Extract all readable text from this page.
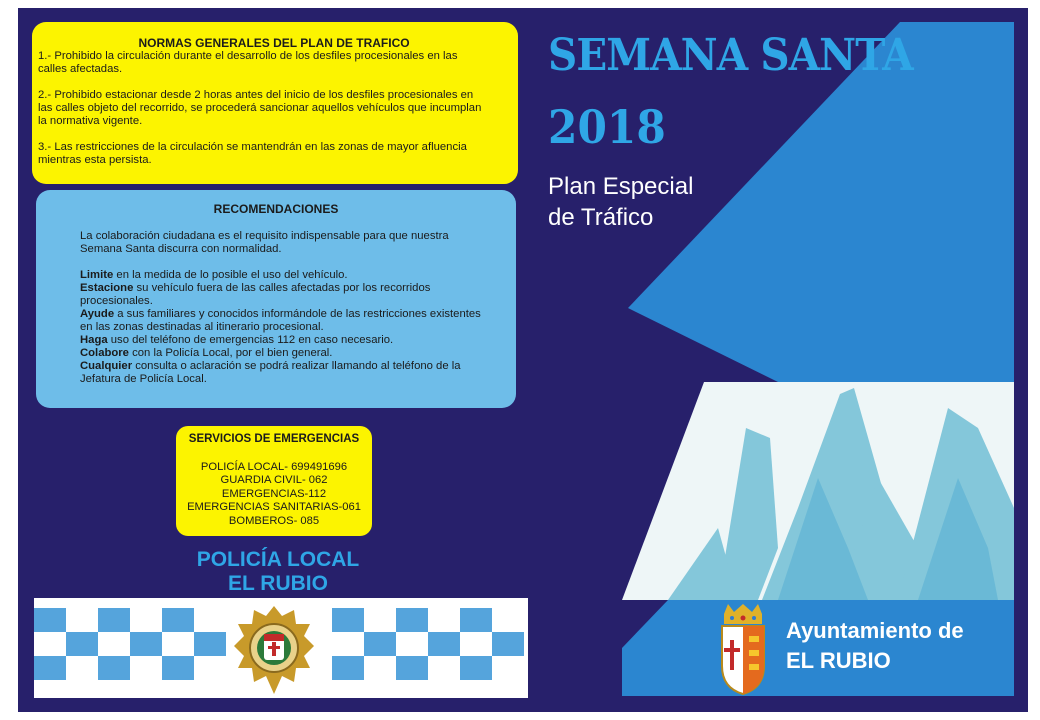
NORMAS GENERALES DEL PLAN DE TRAFICO

1.- Prohibido la circulación durante el desarrollo de los desfiles procesionales en las
calles afectadas.

2.- Prohibido estacionar desde 2 horas antes del inicio de los desfiles procesionales en
las calles objeto del recorrido, se procederá sancionar aquellos vehículos que incumplan
la normativa vigente.

3.- Las restricciones de la circulación se mantendrán en las zonas de mayor afluencia
mientras esta persista.

RECOMENDACIONES

La colaboración ciudadana es el requisito indispensable para que nuestra
Semana Santa discurra con normalidad.

Limite en la medida de lo posible el uso del vehículo.

Estacione su vehículo fuera de las calles afectadas por los recorridos
procesionales.

Ayude a sus familiares y conocidos informándole de las restricciones existentes
en las zonas destinadas al itinerario procesional.

Haga uso del teléfono de emergencias 112 en caso necesario.

Colabore con la Policía Local, por el bien general.

Cualquier consulta o aclaración se podrá realizar llamando al teléfono de la
Jefatura de Policía Local.

SERVICIOS DE EMERGENCIAS
POLICÍA LOCAL- 699491696
GUARDIA CIVIL- 062
EMERGENCIAS-112
EMERGENCIAS SANITARIAS-061
BOMBEROS- 085
POLICÍA LOCAL
EL RUBIO
SEMANA SANTA
2018
Plan Especial
de Tráfico
Ayuntamiento de
EL RUBIO
